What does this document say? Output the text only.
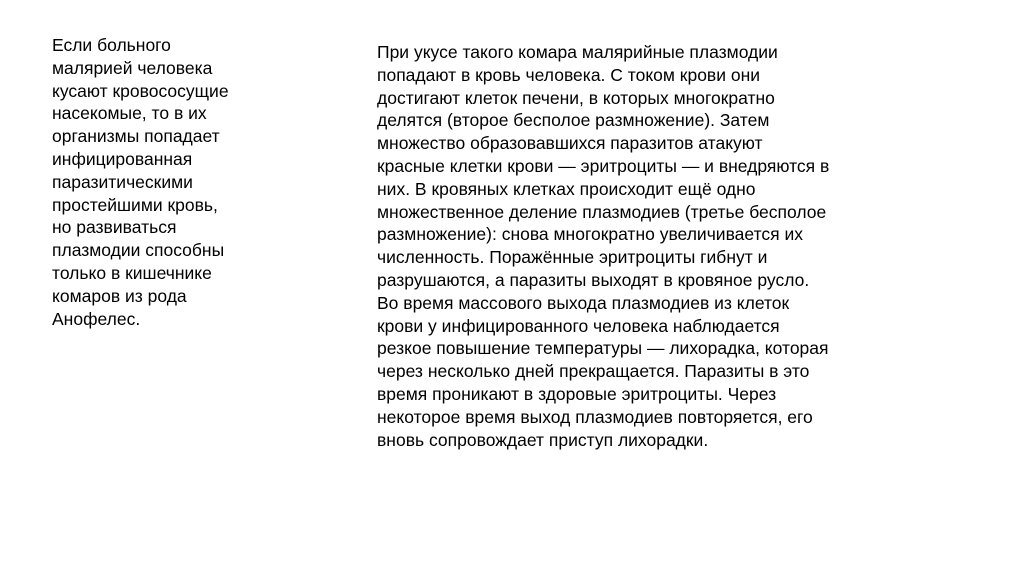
Если больного
малярией человека
кусают кровососущие
насекомые, то в их
организмы попадает
инфицированная
паразитическими
простейшими кровь,
но развиваться
плазмодии способны
только в кишечнике
комаров из рода
Анофелес.
При укусе такого комара малярийные плазмодии
попадают в кровь человека. С током крови они
достигают клеток печени, в которых многократно
делятся (второе бесполое размножение). Затем
множество образовавшихся паразитов атакуют
красные клетки крови — эритроциты — и внедряются в
них. В кровяных клетках происходит ещё одно
множественное деление плазмодиев (третье бесполое
размножение): снова многократно увеличивается их
численность. Поражённые эритроциты гибнут и
разрушаются, а паразиты выходят в кровяное русло.
Во время массового выхода плазмодиев из клеток
крови у инфицированного человека наблюдается
резкое повышение температуры — лихорадка, которая
через несколько дней прекращается. Паразиты в это
время проникают в здоровые эритроциты. Через
некоторое время выход плазмодиев повторяется, его
вновь сопровождает приступ лихорадки.
